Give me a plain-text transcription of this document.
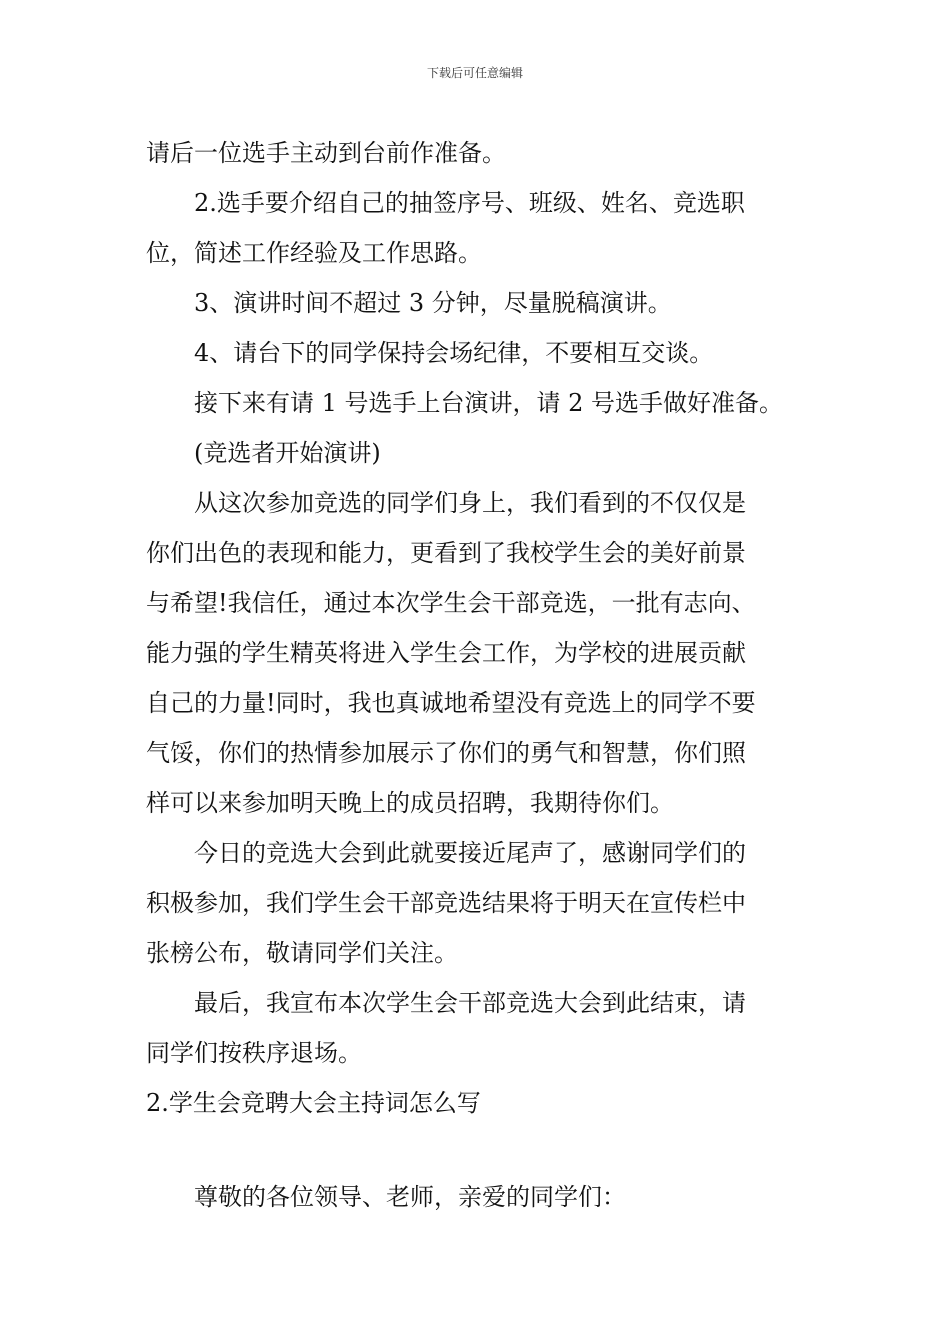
下载后可任意编辑

请后一位选手主动到台前作准备。

2.选手要介绍自己的抽签序号、班级、姓名、竞选职

位，简述工作经验及工作思路。

3、演讲时间不超过 3 分钟，尽量脱稿演讲。

4、请台下的同学保持会场纪律，不要相互交谈。

接下来有请 1 号选手上台演讲，请 2 号选手做好准备。

(竞选者开始演讲)

从这次参加竞选的同学们身上，我们看到的不仅仅是

你们出色的表现和能力，更看到了我校学生会的美好前景

与希望!我信任，通过本次学生会干部竞选，一批有志向、

能力强的学生精英将进入学生会工作，为学校的进展贡献

自己的力量!同时，我也真诚地希望没有竞选上的同学不要

气馁，你们的热情参加展示了你们的勇气和智慧，你们照

样可以来参加明天晚上的成员招聘，我期待你们。

今日的竞选大会到此就要接近尾声了，感谢同学们的

积极参加，我们学生会干部竞选结果将于明天在宣传栏中

张榜公布，敬请同学们关注。

最后，我宣布本次学生会干部竞选大会到此结束，请

同学们按秩序退场。

2.学生会竞聘大会主持词怎么写

尊敬的各位领导、老师，亲爱的同学们：
